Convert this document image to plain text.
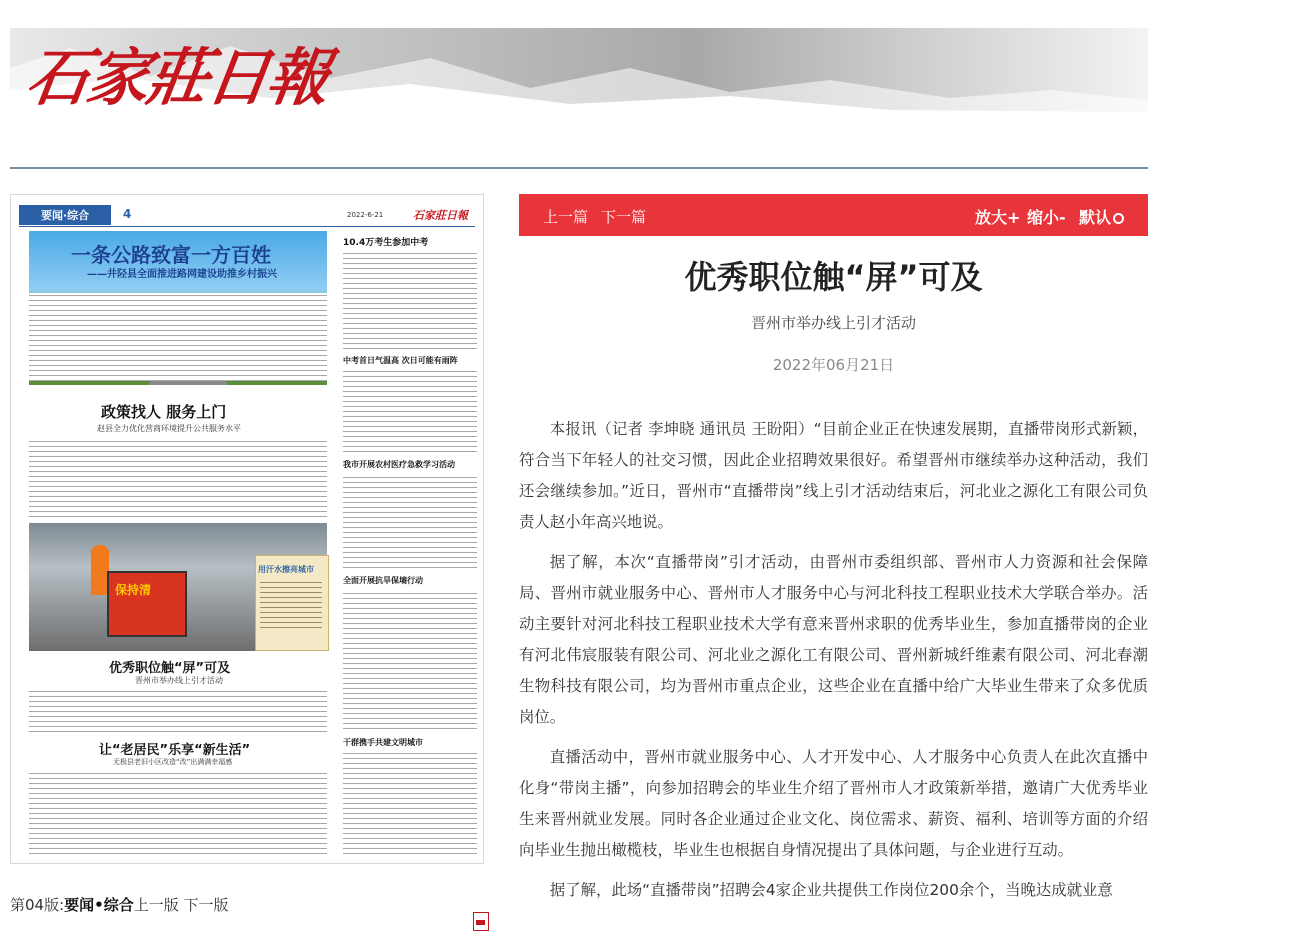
石家莊日報
要闻·综合	4	2022-6-21	石家莊日報
一条公路致富一方百姓
——井陉县全面推进路网建设助推乡村振兴
政策找人 服务上门
赵县全力优化营商环境提升公共服务水平
保持清
用汗水擦亮城市
优秀职位触“屏”可及
晋州市举办线上引才活动
让“老居民”乐享“新生活”
无极县老旧小区改造“改”出满满幸福感
10.4万考生参加中考
中考首日气温高 次日可能有雨阵
我市开展农村医疗急救学习活动
全面开展抗旱保墒行动
干群携手共建文明城市
第04版:要闻•综合上一版 下一版
上一篇 下一篇	放大+ 缩小- 默认
优秀职位触“屏”可及
晋州市举办线上引才活动
2022年06月21日

本报讯（记者 李坤晓 通讯员 王盼阳）“目前企业正在快速发展期，直播带岗形式新颖，符合当下年轻人的社交习惯，因此企业招聘效果很好。希望晋州市继续举办这种活动，我们还会继续参加。”近日，晋州市“直播带岗”线上引才活动结束后，河北业之源化工有限公司负责人赵小年高兴地说。

据了解，本次“直播带岗”引才活动，由晋州市委组织部、晋州市人力资源和社会保障局、晋州市就业服务中心、晋州市人才服务中心与河北科技工程职业技术大学联合举办。活动主要针对河北科技工程职业技术大学有意来晋州求职的优秀毕业生，参加直播带岗的企业有河北伟宸服装有限公司、河北业之源化工有限公司、晋州新城纤维素有限公司、河北春潮生物科技有限公司，均为晋州市重点企业，这些企业在直播中给广大毕业生带来了众多优质岗位。

直播活动中，晋州市就业服务中心、人才开发中心、人才服务中心负责人在此次直播中化身“带岗主播”，向参加招聘会的毕业生介绍了晋州市人才政策新举措，邀请广大优秀毕业生来晋州就业发展。同时各企业通过企业文化、岗位需求、薪资、福利、培训等方面的介绍向毕业生抛出橄榄枝，毕业生也根据自身情况提出了具体问题，与企业进行互动。

据了解，此场“直播带岗”招聘会4家企业共提供工作岗位200余个，当晚达成就业意
